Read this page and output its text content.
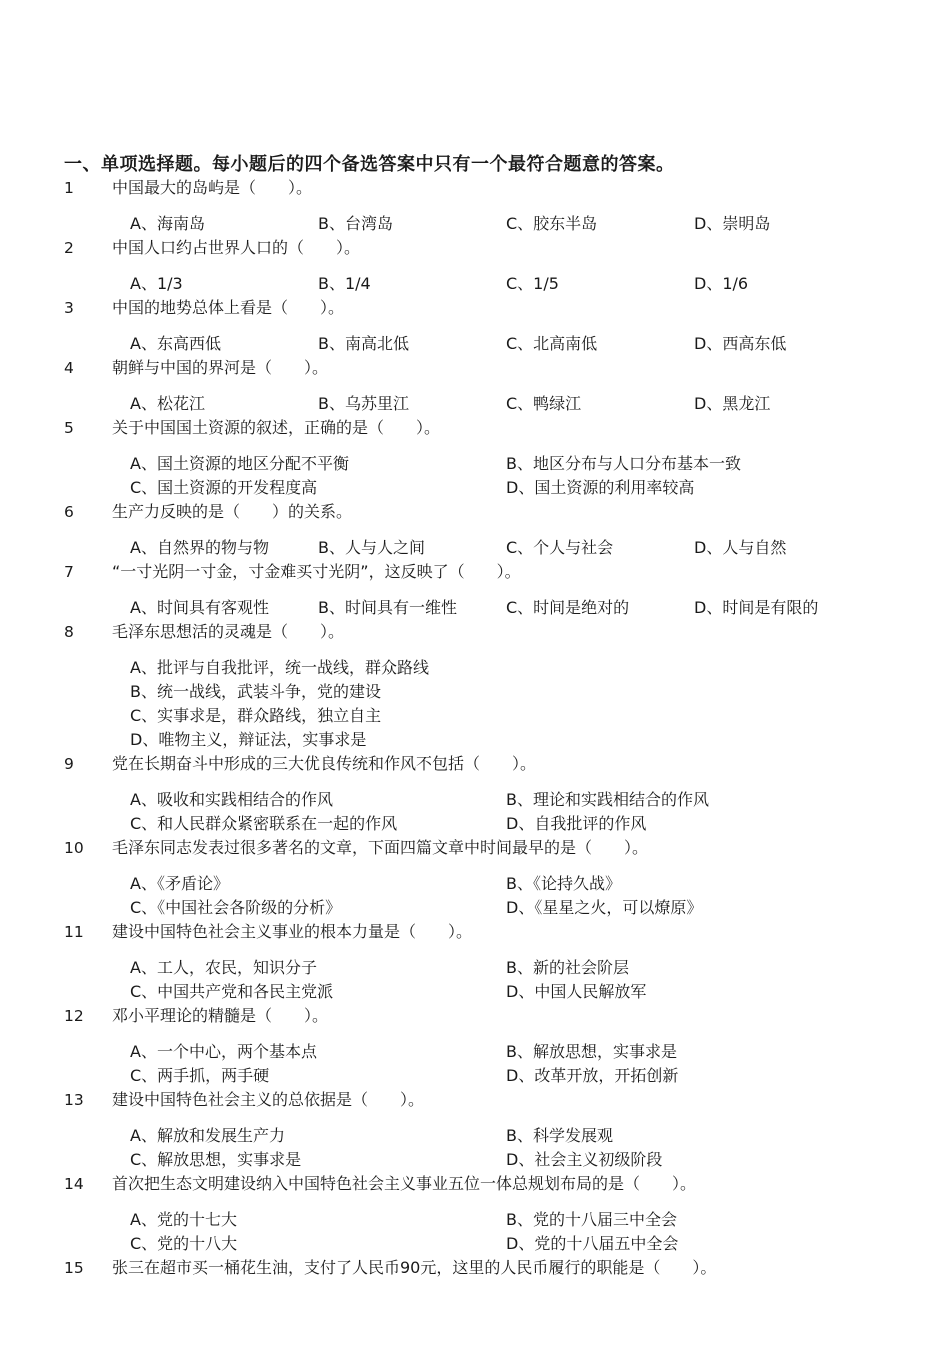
一、单项选择题。每小题后的四个备选答案中只有一个最符合题意的答案。
1 中国最大的岛屿是（　　）。
A、海南岛	B、台湾岛	C、胶东半岛	D、崇明岛
2 中国人口约占世界人口的（　　）。
A、1/3	B、1/4	C、1/5	D、1/6
3 中国的地势总体上看是（　　）。
A、东高西低	B、南高北低	C、北高南低	D、西高东低
4 朝鲜与中国的界河是（　　）。
A、松花江	B、乌苏里江	C、鸭绿江	D、黑龙江
5 关于中国国土资源的叙述，正确的是（　　）。
A、国土资源的地区分配不平衡	B、地区分布与人口分布基本一致
C、国土资源的开发程度高	D、国土资源的利用率较高
6 生产力反映的是（　　）的关系。
A、自然界的物与物	B、人与人之间	C、个人与社会	D、人与自然
7 “一寸光阴一寸金，寸金难买寸光阴”，这反映了（　　）。
A、时间具有客观性	B、时间具有一维性	C、时间是绝对的	D、时间是有限的
8 毛泽东思想活的灵魂是（　　）。
A、批评与自我批评，统一战线，群众路线
B、统一战线，武装斗争，党的建设
C、实事求是，群众路线，独立自主
D、唯物主义，辩证法，实事求是
9 党在长期奋斗中形成的三大优良传统和作风不包括（　　）。
A、吸收和实践相结合的作风	B、理论和实践相结合的作风
C、和人民群众紧密联系在一起的作风	D、自我批评的作风
10 毛泽东同志发表过很多著名的文章，下面四篇文章中时间最早的是（　　）。
A、《矛盾论》	B、《论持久战》
C、《中国社会各阶级的分析》	D、《星星之火，可以燎原》
11 建设中国特色社会主义事业的根本力量是（　　）。
A、工人，农民，知识分子	B、新的社会阶层
C、中国共产党和各民主党派	D、中国人民解放军
12 邓小平理论的精髓是（　　）。
A、一个中心，两个基本点	B、解放思想，实事求是
C、两手抓，两手硬	D、改革开放，开拓创新
13 建设中国特色社会主义的总依据是（　　）。
A、解放和发展生产力	B、科学发展观
C、解放思想，实事求是	D、社会主义初级阶段
14 首次把生态文明建设纳入中国特色社会主义事业五位一体总规划布局的是（　　）。
A、党的十七大	B、党的十八届三中全会
C、党的十八大	D、党的十八届五中全会
15 张三在超市买一桶花生油，支付了人民币90元，这里的人民币履行的职能是（　　）。
